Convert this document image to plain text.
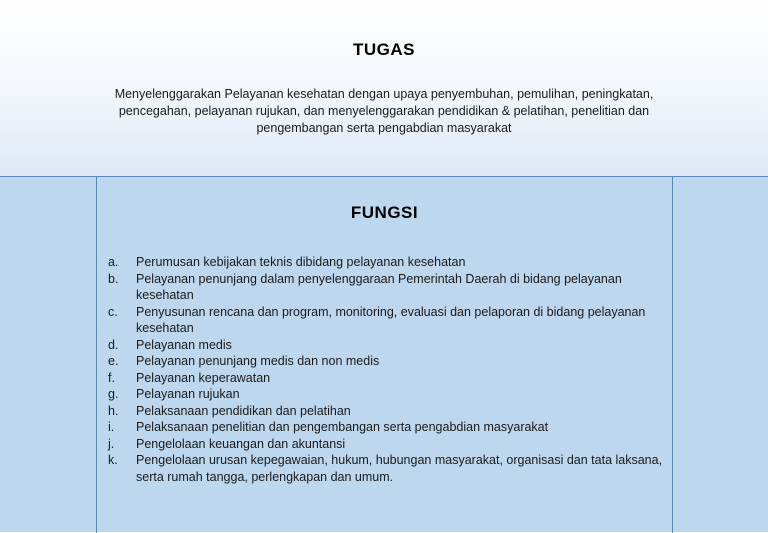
TUGAS
Menyelenggarakan Pelayanan kesehatan dengan upaya penyembuhan, pemulihan, peningkatan,
pencegahan, pelayanan rujukan, dan menyelenggarakan pendidikan & pelatihan, penelitian dan
pengembangan serta pengabdian masyarakat
FUNGSI
a.	Perumusan kebijakan teknis dibidang pelayanan kesehatan
b.	Pelayanan penunjang dalam penyelenggaraan Pemerintah Daerah di bidang pelayanan kesehatan
c.	Penyusunan rencana dan program, monitoring, evaluasi dan pelaporan di bidang pelayanan kesehatan
d.	Pelayanan medis
e.	Pelayanan penunjang medis dan non medis
f.	Pelayanan keperawatan
g.	Pelayanan rujukan
h.	Pelaksanaan pendidikan dan pelatihan
i.	Pelaksanaan penelitian dan pengembangan serta pengabdian masyarakat
j.	Pengelolaan keuangan dan akuntansi
k.	Pengelolaan urusan kepegawaian, hukum, hubungan masyarakat, organisasi dan tata laksana, serta rumah tangga, perlengkapan dan umum.
